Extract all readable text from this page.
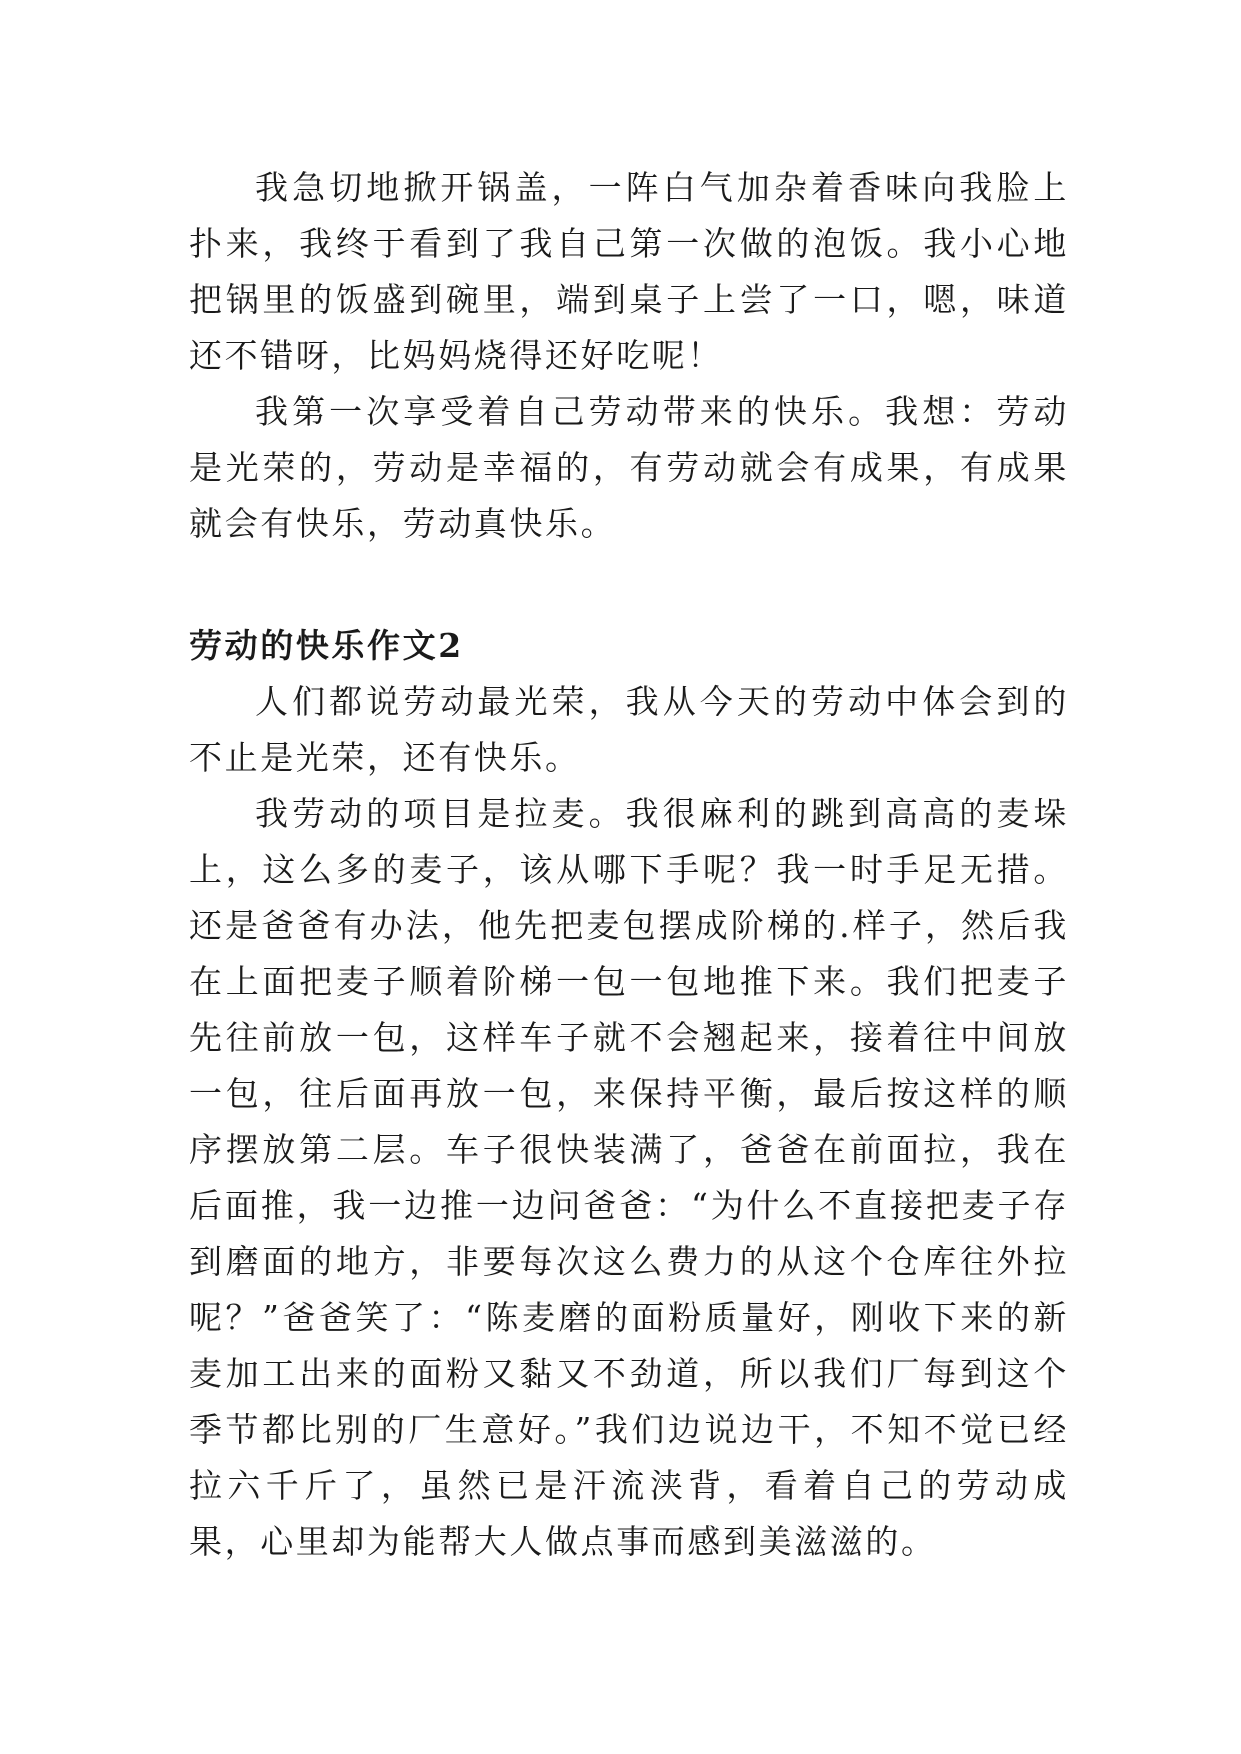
我急切地掀开锅盖，一阵白气加杂着香味向我脸上扑来，我终于看到了我自己第一次做的泡饭。我小心地把锅里的饭盛到碗里，端到桌子上尝了一口，嗯，味道还不错呀，比妈妈烧得还好吃呢！

我第一次享受着自己劳动带来的快乐。我想：劳动是光荣的，劳动是幸福的，有劳动就会有成果，有成果就会有快乐，劳动真快乐。

劳动的快乐作文2

人们都说劳动最光荣，我从今天的劳动中体会到的不止是光荣，还有快乐。

我劳动的项目是拉麦。我很麻利的跳到高高的麦垛上，这么多的麦子，该从哪下手呢？我一时手足无措。还是爸爸有办法，他先把麦包摆成阶梯的.样子，然后我在上面把麦子顺着阶梯一包一包地推下来。我们把麦子先往前放一包，这样车子就不会翘起来，接着往中间放一包，往后面再放一包，来保持平衡，最后按这样的顺序摆放第二层。车子很快装满了，爸爸在前面拉，我在后面推，我一边推一边问爸爸：“为什么不直接把麦子存到磨面的地方，非要每次这么费力的从这个仓库往外拉呢？”爸爸笑了：“陈麦磨的面粉质量好，刚收下来的新麦加工出来的面粉又黏又不劲道，所以我们厂每到这个季节都比别的厂生意好。”我们边说边干，不知不觉已经拉六千斤了，虽然已是汗流浃背，看着自己的劳动成果，心里却为能帮大人做点事而感到美滋滋的。
